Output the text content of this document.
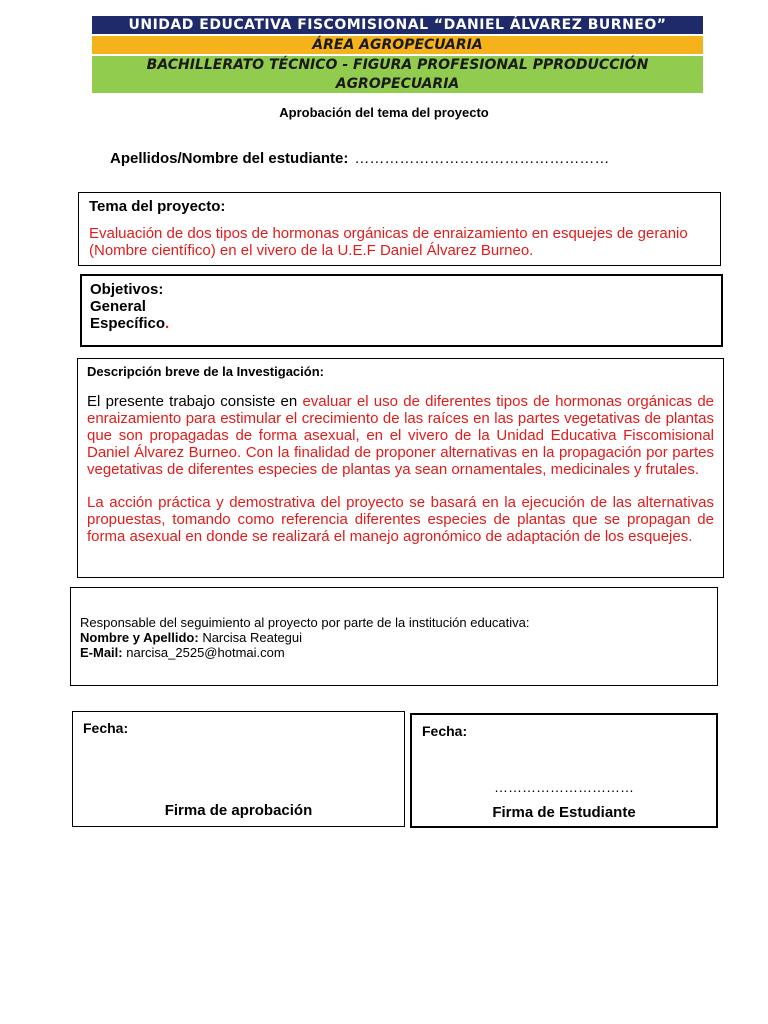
UNIDAD EDUCATIVA FISCOMISIONAL “DANIEL ÁLVAREZ BURNEO”
ÁREA AGROPECUARIA
BACHILLERATO TÉCNICO - FIGURA PROFESIONAL PPRODUCCIÓN
AGROPECUARIA
Aprobación del tema del proyecto
Apellidos/Nombre del estudiante: ……………………………………………
Tema del proyecto:
Evaluación de dos tipos de hormonas orgánicas de enraizamiento en esquejes de geranio (Nombre científico) en el vivero de la U.E.F Daniel Álvarez Burneo.
Objetivos:
General
Específico.
Descripción breve de la Investigación:

El presente trabajo consiste en evaluar el uso de diferentes tipos de hormonas orgánicas de enraizamiento para estimular el crecimiento de las raíces en las partes vegetativas de plantas que son propagadas de forma asexual, en el vivero de la Unidad Educativa Fiscomisional Daniel Álvarez Burneo. Con la finalidad de proponer alternativas en la propagación por partes vegetativas de diferentes especies de plantas ya sean ornamentales, medicinales y frutales.

La acción práctica y demostrativa del proyecto se basará en la ejecución de las alternativas propuestas, tomando como referencia diferentes especies de plantas que se propagan de forma asexual en donde se realizará el manejo agronómico de adaptación de los esquejes.

Responsable del seguimiento al proyecto por parte de la institución educativa:
Nombre y Apellido: Narcisa Reategui
E-Mail: narcisa_2525@hotmai.com
Fecha:
Firma de aprobación
Fecha:
…………………………
Firma de Estudiante
